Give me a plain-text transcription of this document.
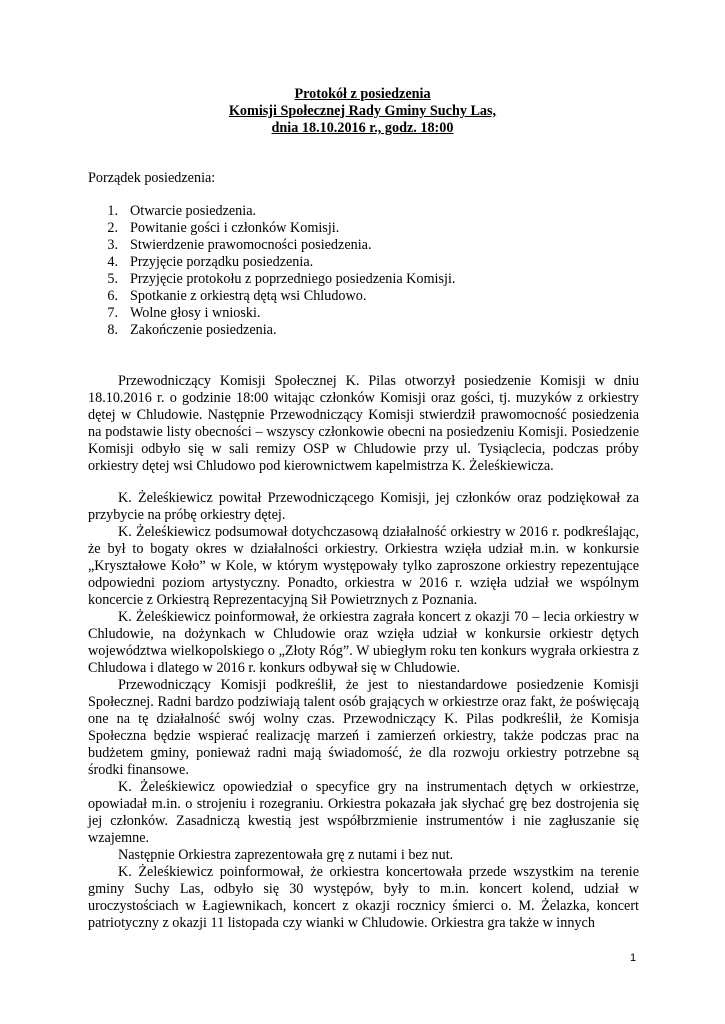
Protokół z posiedzenia
Komisji Społecznej Rady Gminy Suchy Las,
dnia 18.10.2016 r., godz. 18:00
Porządek posiedzenia:
1. Otwarcie posiedzenia.
2. Powitanie gości i członków Komisji.
3. Stwierdzenie prawomocności posiedzenia.
4. Przyjęcie porządku posiedzenia.
5. Przyjęcie protokołu z poprzedniego posiedzenia Komisji.
6. Spotkanie z orkiestrą dętą wsi Chludowo.
7. Wolne głosy i wnioski.
8. Zakończenie posiedzenia.

Przewodniczący Komisji Społecznej K. Pilas otworzył posiedzenie Komisji w dniu 18.10.2016 r. o godzinie 18:00 witając członków Komisji oraz gości, tj. muzyków z orkiestry dętej w Chludowie. Następnie Przewodniczący Komisji stwierdził prawomocność posiedzenia na podstawie listy obecności – wszyscy członkowie obecni na posiedzeniu Komisji. Posiedzenie Komisji odbyło się w sali remizy OSP w Chludowie przy ul. Tysiąclecia, podczas próby orkiestry dętej wsi Chludowo pod kierownictwem kapelmistrza K. Żeleśkiewicza.

K. Żeleśkiewicz powitał Przewodniczącego Komisji, jej członków oraz podziękował za przybycie na próbę orkiestry dętej.

K. Żeleśkiewicz podsumował dotychczasową działalność orkiestry w 2016 r. podkreślając, że był to bogaty okres w działalności orkiestry. Orkiestra wzięła udział m.in. w konkursie „Kryształowe Koło” w Kole, w którym występowały tylko zaproszone orkiestry repezentujące odpowiedni poziom artystyczny. Ponadto, orkiestra w 2016 r. wzięła udział we wspólnym koncercie z Orkiestrą Reprezentacyjną Sił Powietrznych z Poznania.

K. Żeleśkiewicz poinformował, że orkiestra zagrała koncert z okazji 70 – lecia orkiestry w Chludowie, na dożynkach w Chludowie oraz wzięła udział w konkursie orkiestr dętych województwa wielkopolskiego o „Złoty Róg”. W ubiegłym roku ten konkurs wygrała orkiestra z Chludowa i dlatego w 2016 r. konkurs odbywał się w Chludowie.

Przewodniczący Komisji podkreślił, że jest to niestandardowe posiedzenie Komisji Społecznej. Radni bardzo podziwiają talent osób grających w orkiestrze oraz fakt, że poświęcają one na tę działalność swój wolny czas. Przewodniczący K. Pilas podkreślił, że Komisja Społeczna będzie wspierać realizację marzeń i zamierzeń orkiestry, także podczas prac na budżetem gminy, ponieważ radni mają świadomość, że dla rozwoju orkiestry potrzebne są środki finansowe.

K. Żeleśkiewicz opowiedział o specyfice gry na instrumentach dętych w orkiestrze, opowiadał m.in. o strojeniu i rozegraniu. Orkiestra pokazała jak słychać grę bez dostrojenia się jej członków. Zasadniczą kwestią jest współbrzmienie instrumentów i nie zagłuszanie się wzajemne.

Następnie Orkiestra zaprezentowała grę z nutami i bez nut.

K. Żeleśkiewicz poinformował, że orkiestra koncertowała przede wszystkim na terenie gminy Suchy Las, odbyło się 30 występów, były to m.in. koncert kolend, udział w uroczystościach w Łagiewnikach, koncert z okazji rocznicy śmierci o. M. Żelazka, koncert patriotyczny z okazji 11 listopada czy wianki w Chludowie. Orkiestra gra także w innych

1
